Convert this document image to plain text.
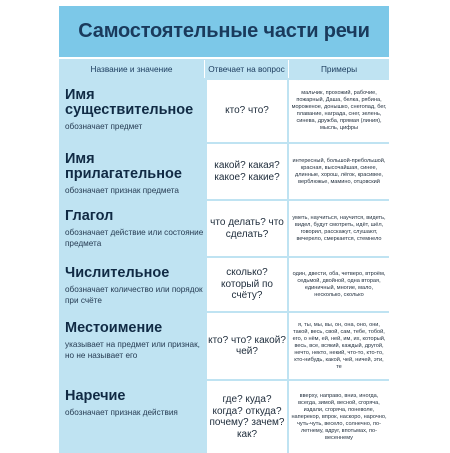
Самостоятельные части речи
Название и значение	Отвечает на вопрос	Примеры
Имя существительное
обозначает предмет
кто? что?
мальчик, прохожий, рабочие, пожарный, Даша, белка, рябина, мороженое, донышко, снегопад, бег, плавание, награда, снег, зелень, синева, дружба, прямая (линия), мысль, цифры
Имя прилагательное
обозначает признак предмета
какой? какая? какое? какие?
интересный, большой-пребольшой, красная, высочайшая, синее, длинные, хорош, лёгок, красивее, верблюжье, мамино, отцовский
Глагол
обозначает действие или состояние предмета
что делать? что сделать?
уметь, научиться, научится, видеть, видел, будут смотреть, идёт, шёл, говорил, расскажут, слушают, вечерело, смеркается, стемнело
Числительное
обозначает количество или порядок при счёте
сколько? который по счёту?
один, двести, оба, четверо, втроём, седьмой, двойной, одна вторая, единичный, многие, мало, несколько, сколько
Местоимение
указывает на предмет или признак, но не называет его
кто? что? какой? чей?
я, ты, мы, вы, он, она, оно, они, такой, весь, свой, сам, тебе, тобой, его, о нём, ей, ней, им, их, который, весь, все, всякий, каждый, другой, нечто, некто, некий, что-то, кто-то, кто-нибудь, какой, чей, ничей, эти, те
Наречие
обозначает признак действия
где? куда? когда? откуда? почему? зачем? как?
вверху, направо, вниз, иногда, всегда, зимой, весной, сгоряча, издали, сгоряча, поневоле, наперекор, впрок, наскоро, нарочно, чуть-чуть, весело, солнечно, по-летнему, вдруг, впотьмах, по-весеннему
